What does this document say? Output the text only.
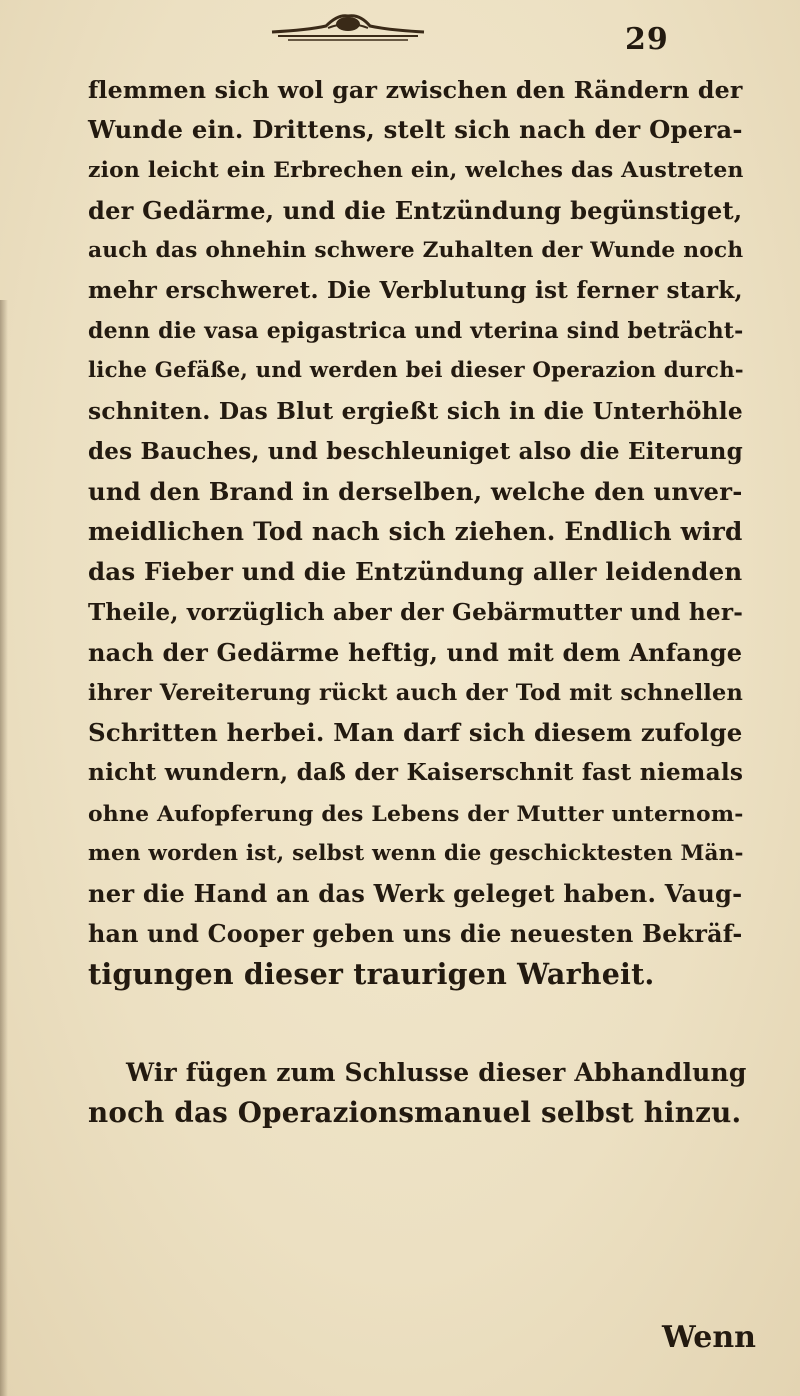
29
flemmen sich wol gar zwischen den Rändern der
Wunde ein. Drittens, stelt sich nach der Opera-
zion leicht ein Erbrechen ein, welches das Austreten
der Gedärme, und die Entzündung begünstiget,
auch das ohnehin schwere Zuhalten der Wunde noch
mehr erschweret. Die Verblutung ist ferner stark,
denn die vasa epigastrica und vterina sind beträcht-
liche Gefäße, und werden bei dieser Operazion durch-
schniten. Das Blut ergießt sich in die Unterhöhle
des Bauches, und beschleuniget also die Eiterung
und den Brand in derselben, welche den unver-
meidlichen Tod nach sich ziehen. Endlich wird
das Fieber und die Entzündung aller leidenden
Theile, vorzüglich aber der Gebärmutter und her-
nach der Gedärme heftig, und mit dem Anfange
ihrer Vereiterung rückt auch der Tod mit schnellen
Schritten herbei. Man darf sich diesem zufolge
nicht wundern, daß der Kaiserschnit fast niemals
ohne Aufopferung des Lebens der Mutter unternom-
men worden ist, selbst wenn die geschicktesten Män-
ner die Hand an das Werk geleget haben. Vaug-
han und Cooper geben uns die neuesten Bekräf-
tigungen dieser traurigen Warheit.
Wir fügen zum Schlusse dieser Abhandlung
noch das Operazionsmanuel selbst hinzu.
Wenn
